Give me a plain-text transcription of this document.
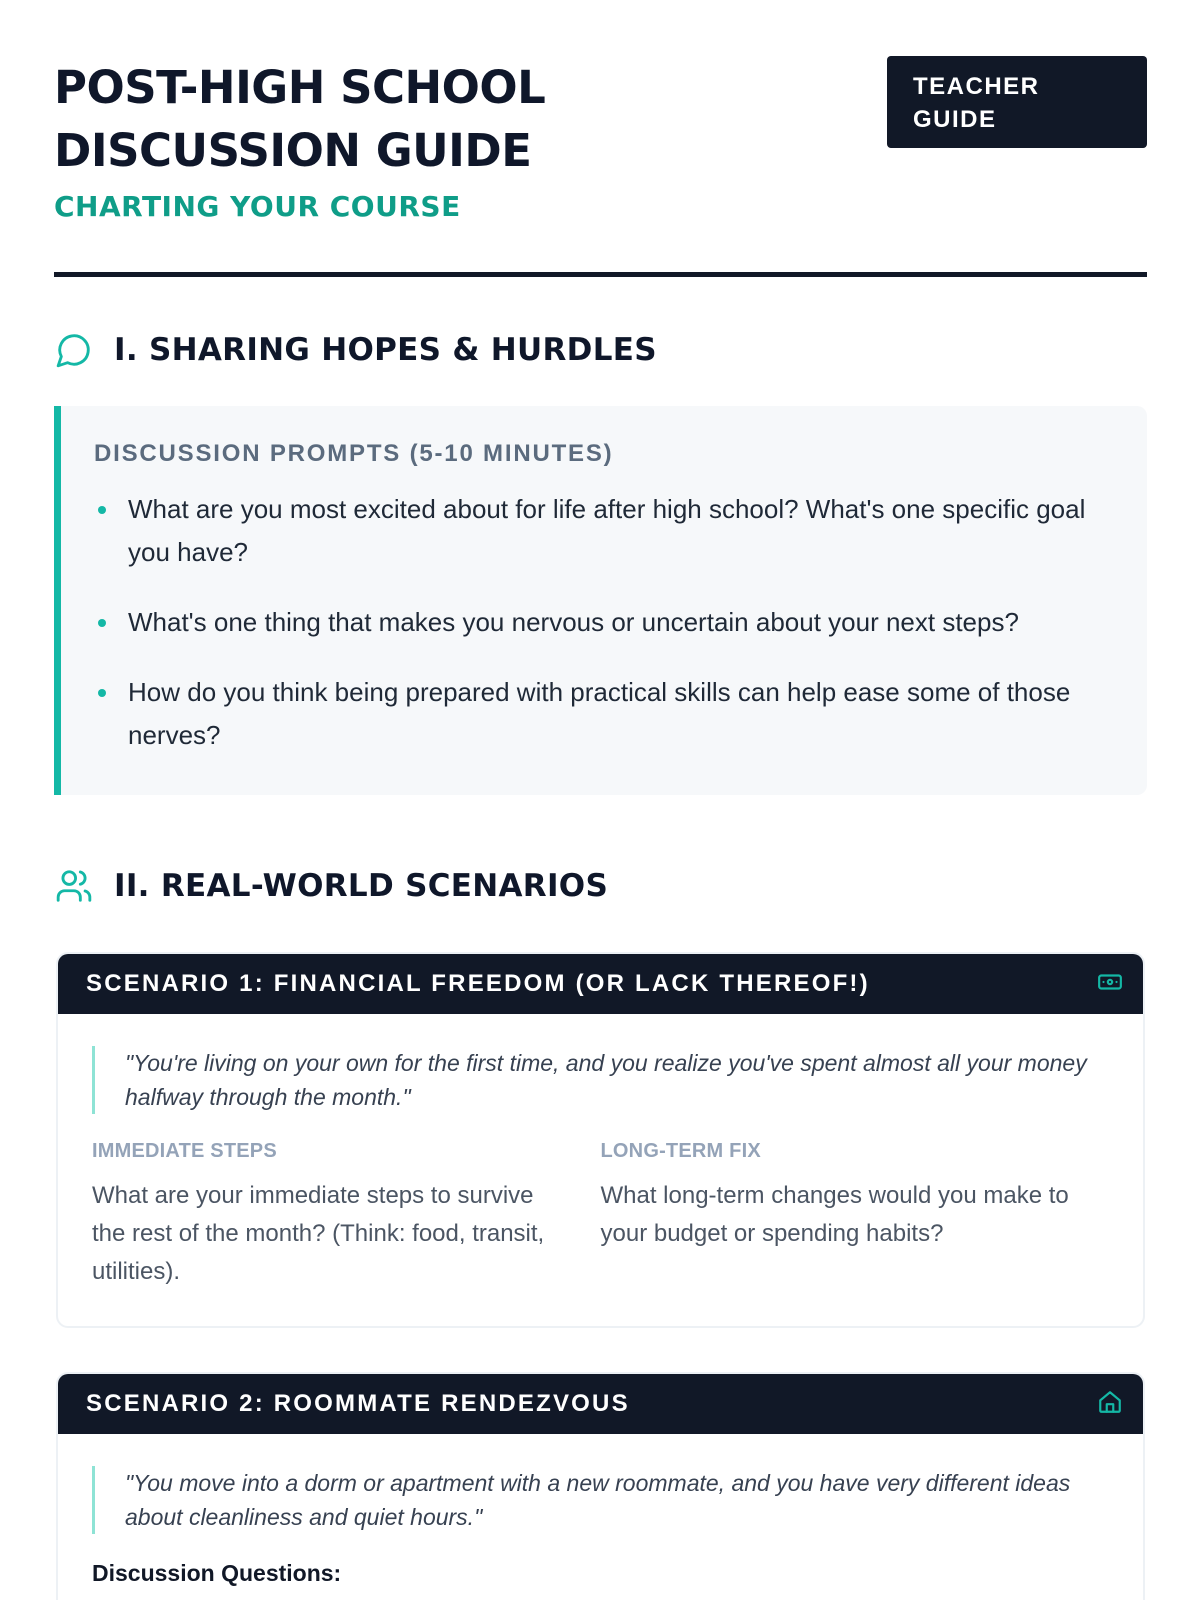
POST-HIGH SCHOOL
DISCUSSION GUIDE
CHARTING YOUR COURSE
TEACHER
GUIDE
I. SHARING HOPES & HURDLES
DISCUSSION PROMPTS (5-10 MINUTES)
What are you most excited about for life after high school? What's one specific goal you have?
What's one thing that makes you nervous or uncertain about your next steps?
How do you think being prepared with practical skills can help ease some of those nerves?
II. REAL-WORLD SCENARIOS
SCENARIO 1: FINANCIAL FREEDOM (OR LACK THEREOF!)
"You're living on your own for the first time, and you realize you've spent almost all your money halfway through the month."
IMMEDIATE STEPS
What are your immediate steps to survive the rest of the month? (Think: food, transit, utilities).
LONG-TERM FIX
What long-term changes would you make to your budget or spending habits?
SCENARIO 2: ROOMMATE RENDEZVOUS
"You move into a dorm or apartment with a new roommate, and you have very different ideas about cleanliness and quiet hours."
Discussion Questions:
